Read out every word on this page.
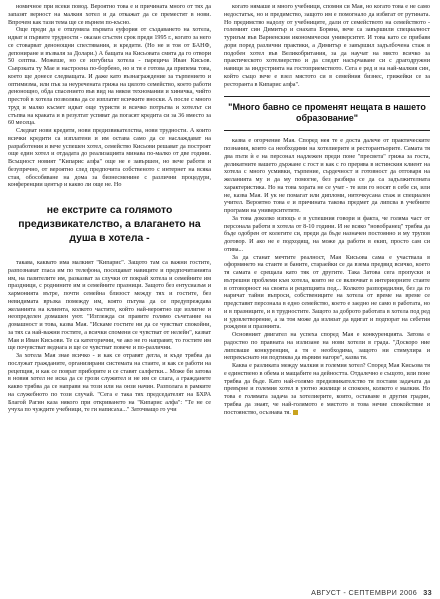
номичное при всеки повод. Вероятно това е и причината много от тях да запазят верност на малкия хотел и да откажат да се преместят в нови. Впрочем как тази тема ще се върнем по-късно.

Още преди да е отшумяла първата еуфория от създаването на хотела, идват и първите трудности - оказан сгъстен срок преди 1995 г., когато за него се стоварват денонощни спестявания, и кредити. (Но не и тоя от БАНФ, депониране и възваля за Долари.) А бащата на Кисьовата смята да го отвори 50 септва. Можеше, но се изгубиха хотела - парецича Иван Кисьов. Сьврзката ту Мае и настроена по-борбено, но и тя е готова да припема това, което ще донесе следващата. И даже като възнаграждение за търпението и оптимизма, или пък за неуречената грижа на цялото семейство, което работи денонощно, обда спасението във вид на някои техномании и хиничка, чийто престой в хотела позволява да се изплатят всичките вноски. А после с много труд и малко късмет идват още туристи и всичко потръгва и хотелът си стъпва на краката и в резултат успяват да погасят кредита си за 36 вместо за 60 месеца.

Следват нови кредити, нови предизвикателства, нови трудности. А които всички кредити са изплатени и им остава само да се наслаждават на разработения и вече успешен хотел, семейство Кисьови решават да построят още един хотел и отдадата до реализацията минава по-малко от две години. Всъщност новият "Кипарис алфа" още не е завършен, но вече работи и безупречно, от вероятно след предпочита собственото с интернет на всяка стая, обособяване на дома за бизнесменине с различни процедури, конференции център и какво ли още не. Но

не екстрите са голямото предизвикателство, а влагането на душа в хотела -

такава, каквато има малкият "Кипарис". Защото там са важни гостите, разпознават гласа им по телефона, посещават навиците и предпочитанията им, на пазителите им, разказват за случки от покрай хотела и семейните им праздници, с роднините им и семейните празници. Защото без ентусиазъм и хармонията вътре, почти семейна близост между тях и гостите, без невидимата връзка помежду им, която пътува да се предупреждава желанията на клиента, колкото частите, който най-вероятно ще излигне и неопределен домашен уют. "Изглежда си правите голямо съчетание на домашност и това, казва Мая. "Искаме гостите ни да се чувстват спокойни, за тях са най-важни гостите, а всички спомени се чувстват от нелейн", казват Мая и Иван Кисьови. Те са категорични, че ако не го направят, то гостите им ще почувстват веднага и ще се чувстват повече и по-различни.

За хотела Мая знае всичко - и как се отравят дегла, и къде трябва да послужат гражданите, организирани системата на стаите, и как се работи на рецепция, и как се поврат приборите и се ставят салфетки... Може би затова в новия хотел не иска да се грози служител и не им се слага, а гражданете какво трябва да се направи на този или на онзи начин. Разполага в рамките на служебното по този случай. "Сега е така тях председателят на БХРА Благой Рагин каза някого при откриването на "Кипарис алфа": "Те не се учуха по чуждите учебници, те ги написаха..." Заточващо го учи

когато нямаше и много учебници, спомня си Мая, но когато това е не само недостатък, но и предимство, защото им е помогнало да избягат от рутината. Но предимство надолу от учебниците, дали от семейството на семейството - големият син Димитър и снахата Боряна, вече са завършили специалност туризъм във Варненския икономически университет. И това като се прибавя дори поред различни практики, а Димитър е завършил задълбочена стаж в подобен хотел във Великобритания, за да научат на място всичко за практическото хотелиерство и да следят насърчаване си с драгодружни навици за индустрията на гостоприемството. Сега е ред и на най-малкия син, който също вече е взел мястото си в семейния бизнес, грижейки се за ресторанта в Кипарис алфа".

"Много бавно се променят нещата в нашето образование"

казва е огорчение Мая. Според нея те е доста далече от практическите познания, които са необходими на хотелиерите и ресторантьорите. Самата тя два пъти ѝ е на персонал надлежен преди поне "пресвета" грижа за госта, деликатните вашето държане с гост и как с го прерява в истинския клиент на хотела с много усмивки, търпение, сърдечност и готовност да отговаря на желанията му и да му помогне, без разбира се да са задължителната характеристика. Но на това хората не се учат - те или го носят в себе си, или не, казва Мая. И ук не помагат или дипломи, ниточкусана стаж и специален учител. Вероятно това е и причината такова предмет да липсва в учебните програми на университетите.

За това доколко изпоцъ е в успешния говори и факта, че голяма част от персонала работи в хотела от 8-10 години. И не всяко "новобранец" трябва да бъде одобрен от колегите си, преди да бъде назначен постоянно и му трупов договор. И ако не е подходящ, на може да работи в екип, просто сам си отива...

За да станат мечтите реалност, Мая Кисьова сама е участвала в оформянето на стаите и баните, стараейки се да взема предвид всичко, което тя самата е срещала като тяк от другите. Така Затова сега пропуски и вътрешни проблеми към хотела, които не се включват в интериорните стаите в отговорност на своята и рецепцията под... Колкото разпорядилни, без да го наричат тайни въпроси, собствениците на хотела от време на време се представят персонала в едно семейство, което е заедно не само в работата, но и в празниците, и в трудностите. Защото за доброто работата в хотела под ред и удовлетворение, а за тоя може да излязат да вдигат и подпорат на себетия рождени и празнията.

Основният двигател на успеха според Мая е конкуренцията. Затова е радостно по правната на излизане на нови хотели в града. "Доскоро ние липсваше конкуренция, а тя е необходима, защото ни стимулира и непрекъснато ни подтиква да вървим нагоре", казва тя.

Каква е разликата между малкия и големия хотел? Според Мая Кисьова тя е единствено в обема и мащабите на дейността. Отдалечно е същото, или поне трябва да бъде. Като най-голямо предизвикателство тя поставя задачата да превърне и големия хотел в уютно жилище и спокоен, колкото е малкия. Но това е голямата задача за хотелиерите, които, оставаме в другия градин, трябва да знаят, че най-голямото е мястото в това нечие спокойствие и постоянство, осъзнава тя.

АВГУСТ - СЕПТЕМВРИ 2006 33
